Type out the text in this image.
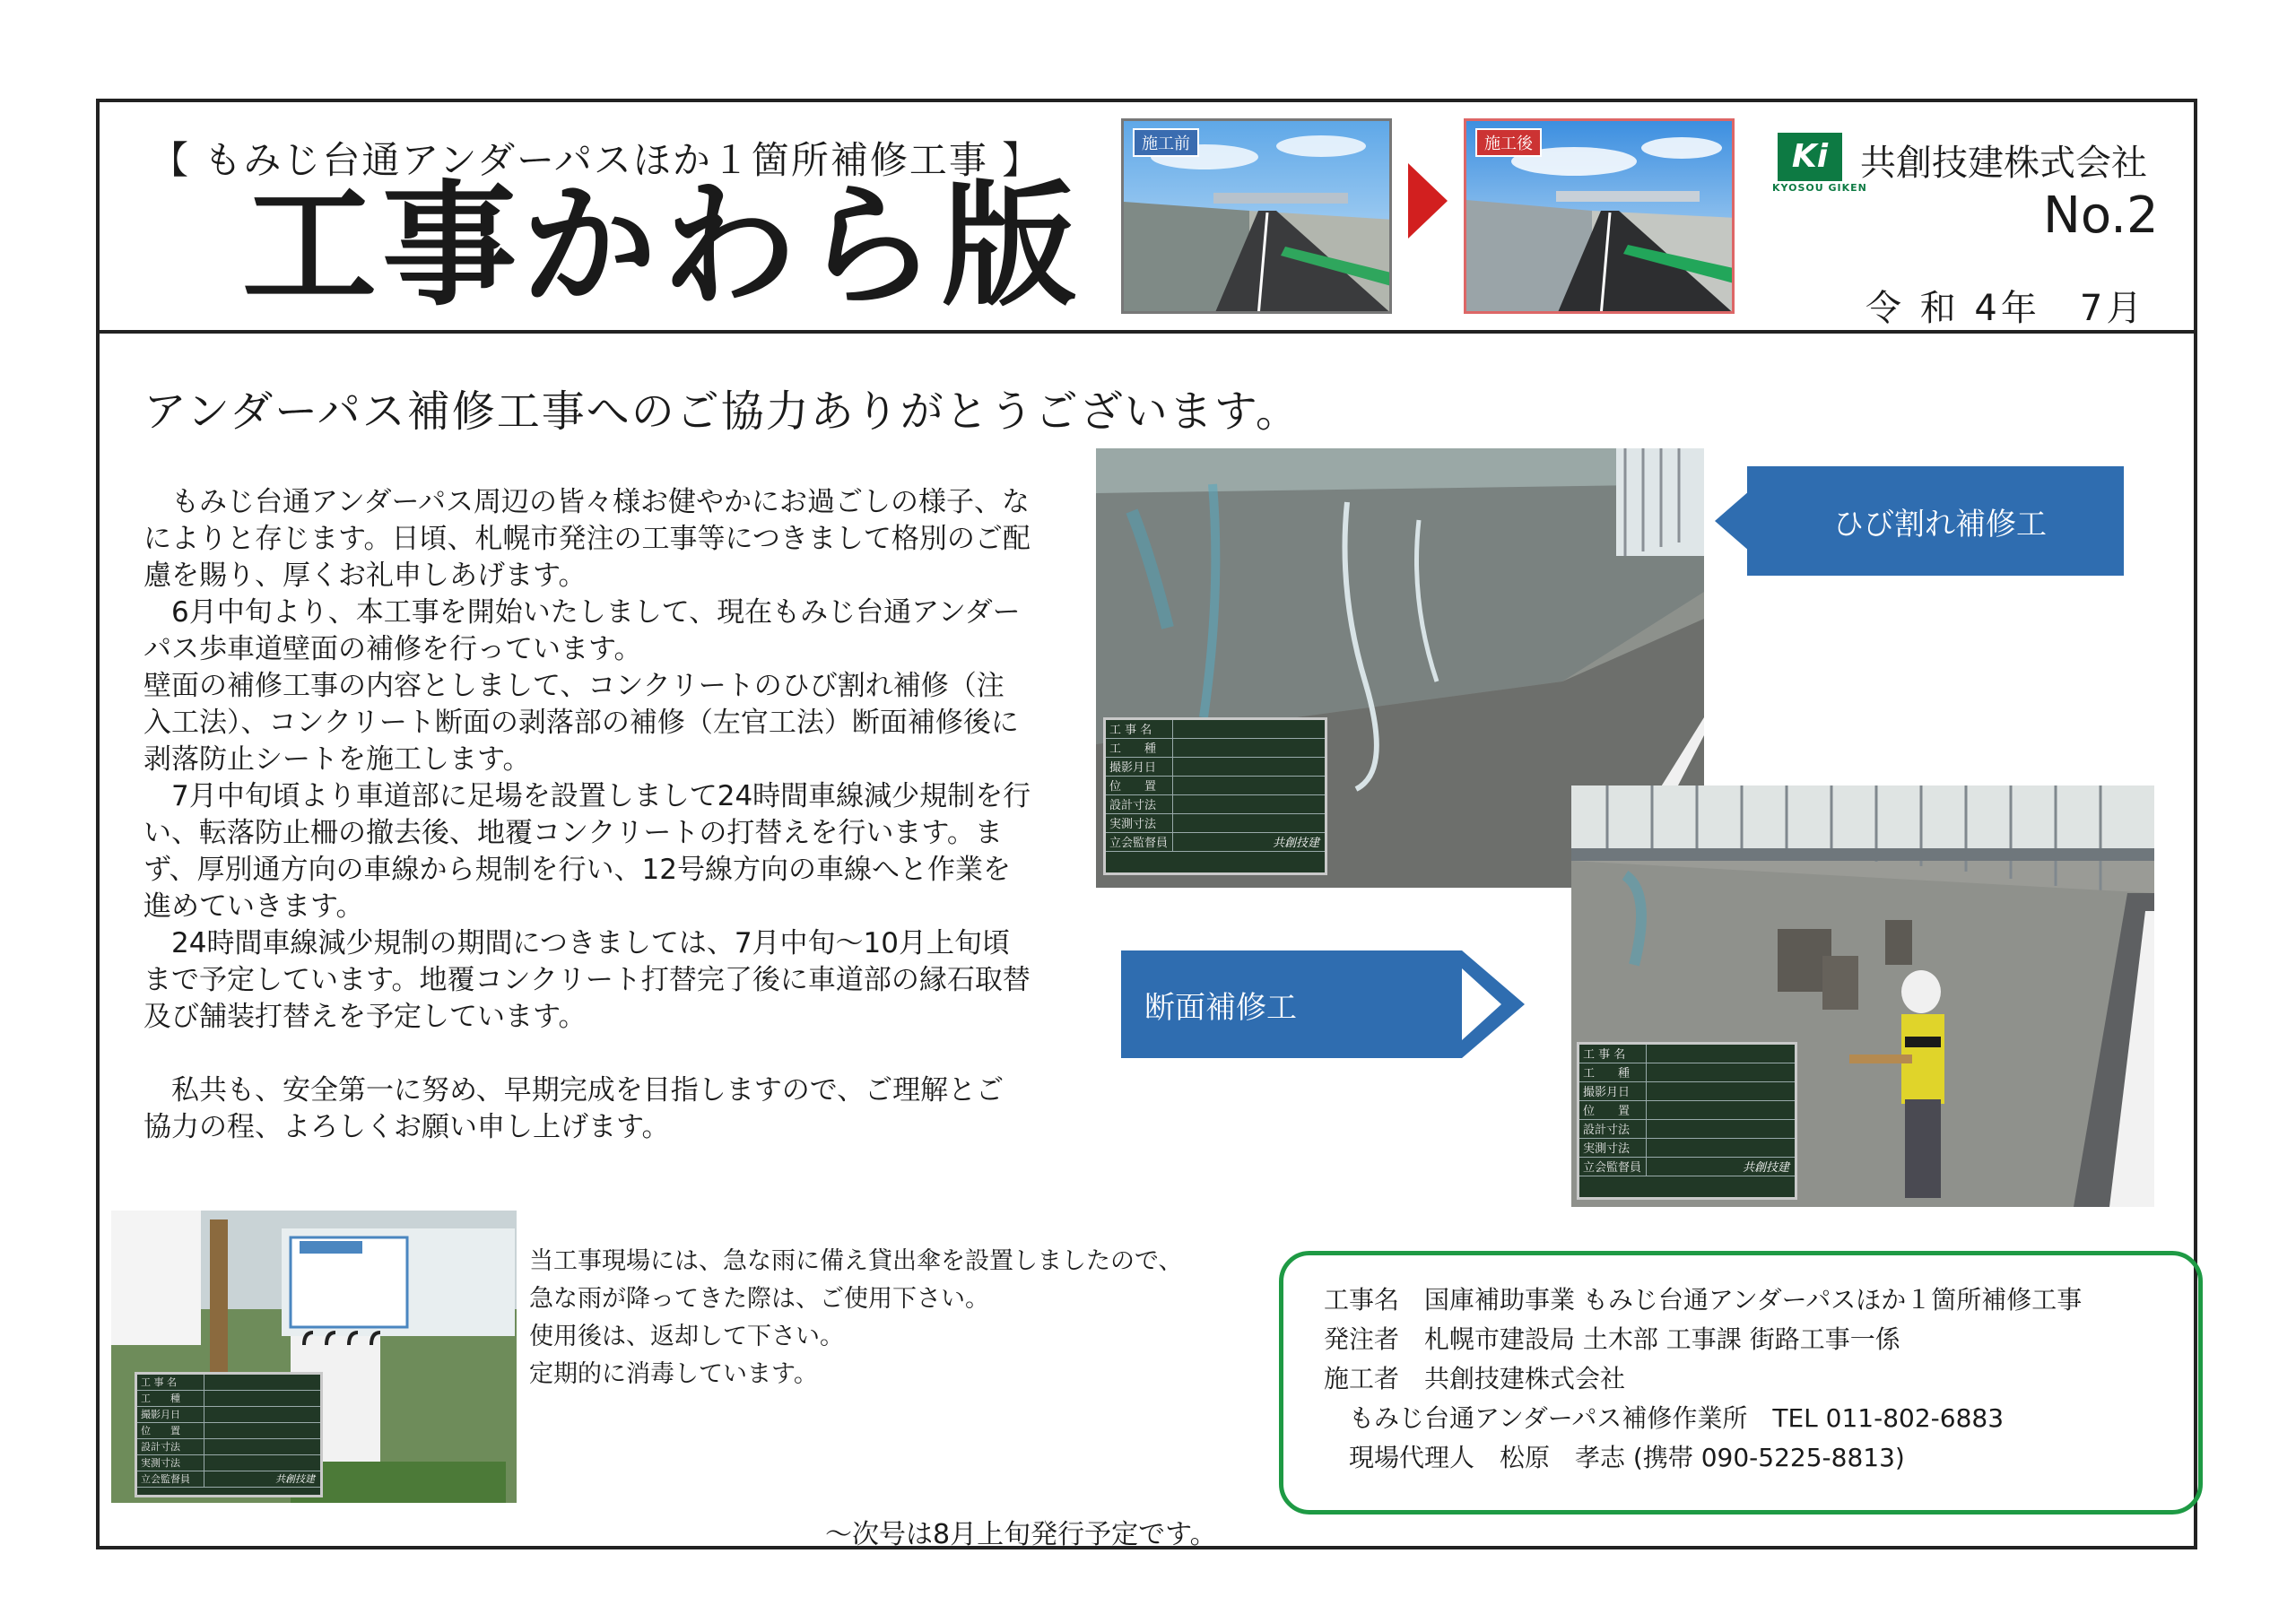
【 もみじ台通アンダーパスほか１箇所補修工事 】
工事かわら版
施工前	施工後	Ki
KYOSOU GIKEN
共創技建株式会社
No.2
令 和 4年　7月
アンダーパス補修工事へのご協力ありがとうございます。

　もみじ台通アンダーパス周辺の皆々様お健やかにお過ごしの様子、なによりと存じます。日頃、札幌市発注の工事等につきまして格別のご配慮を賜り、厚くお礼申しあげます。

　6月中旬より、本工事を開始いたしまして、現在もみじ台通アンダーパス歩車道壁面の補修を行っています。

壁面の補修工事の内容としまして、コンクリートのひび割れ補修（注入工法）、コンクリート断面の剥落部の補修（左官工法）断面補修後に剥落防止シートを施工します。

　7月中旬頃より車道部に足場を設置しまして24時間車線減少規制を行い、転落防止柵の撤去後、地覆コンクリートの打替えを行います。まず、厚別通方向の車線から規制を行い、12号線方向の車線へと作業を進めていきます。

　24時間車線減少規制の期間につきましては、7月中旬～10月上旬頃まで予定しています。地覆コンクリート打替完了後に車道部の縁石取替及び舗装打替えを予定しています。

　私共も、安全第一に努め、早期完成を目指しますので、ご理解とご協力の程、よろしくお願い申し上げます。

工 事 名
工　　種
撮影月日
位　　置
設計寸法
実測寸法
立会監督員	共創技建
ひび割れ補修工
工 事 名
工　　種
撮影月日
位　　置
設計寸法
実測寸法
立会監督員	共創技建
断面補修工
工 事 名
工　　種
撮影月日
位　　置
設計寸法
実測寸法
立会監督員	共創技建

当工事現場には、急な雨に備え貸出傘を設置しましたので、

急な雨が降ってきた際は、ご使用下さい。

使用後は、返却して下さい。

定期的に消毒しています。

工事名　国庫補助事業 もみじ台通アンダーパスほか１箇所補修工事

発注者　札幌市建設局 土木部 工事課 街路工事一係

施工者　共創技建株式会社

　もみじ台通アンダーパス補修作業所　TEL 011-802-6883

　現場代理人　松原　孝志 (携帯 090-5225-8813)

～次号は8月上旬発行予定です。
